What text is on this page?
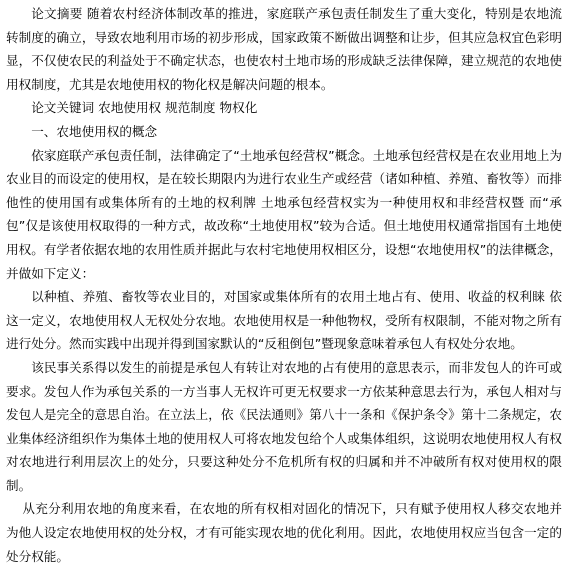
论文摘要 随着农村经济体制改革的推进，家庭联产承包责任制发生了重大变化，特别是农地流转制度的确立，导致农地利用市场的初步形成，国家政策不断做出调整和让步，但其应急权宜色彩明显，不仅使农民的利益处于不确定状态，也使农村土地市场的形成缺乏法律保障，建立规范的农地使用权制度，尤其是农地使用权的物化权是解决问题的根本。

论文关键词 农地使用权 规范制度 物权化

一、农地使用权的概念

依家庭联产承包责任制，法律确定了“土地承包经营权”概念。土地承包经营权是在农业用地上为农业目的而设定的使用权，是在较长期限内为进行农业生产或经营（诸如种植、养殖、畜牧等）而排他性的使用国有或集体所有的土地的权利牌 土地承包经营权实为一种使用权和非经营权暨 而“承包”仅是该使用权取得的一种方式，故改称“土地使用权”较为合适。但土地使用权通常指国有土地使用权。有学者依据农地的农用性质并据此与农村宅地使用权相区分，设想“农地使用权”的法律概念，并做如下定义：

以种植、养殖、畜牧等农业目的，对国家或集体所有的农用土地占有、使用、收益的权利睐 依这一定义，农地使用权人无权处分农地。农地使用权是一种他物权，受所有权限制，不能对物之所有进行处分。然而实践中出现并得到国家默认的“反租倒包”暨现象意味着承包人有权处分农地。

该民事关系得以发生的前提是承包人有转让对农地的占有使用的意思表示，而非发包人的许可或要求。发包人作为承包关系的一方当事人无权许可更无权要求一方依某种意思去行为，承包人相对与发包人是完全的意思自治。在立法上，依《民法通则》第八十一条和《保护条令》第十二条规定，农业集体经济组织作为集体土地的使用权人可将农地发包给个人或集体组织，这说明农地使用权人有权对农地进行利用层次上的处分，只要这种处分不危机所有权的归属和并不冲破所有权对使用权的限制。

从充分利用农地的角度来看，在农地的所有权相对固化的情况下，只有赋予使用权人移交农地并为他人设定农地使用权的处分权，才有可能实现农地的优化利用。因此，农地使用权应当包含一定的处分权能。
